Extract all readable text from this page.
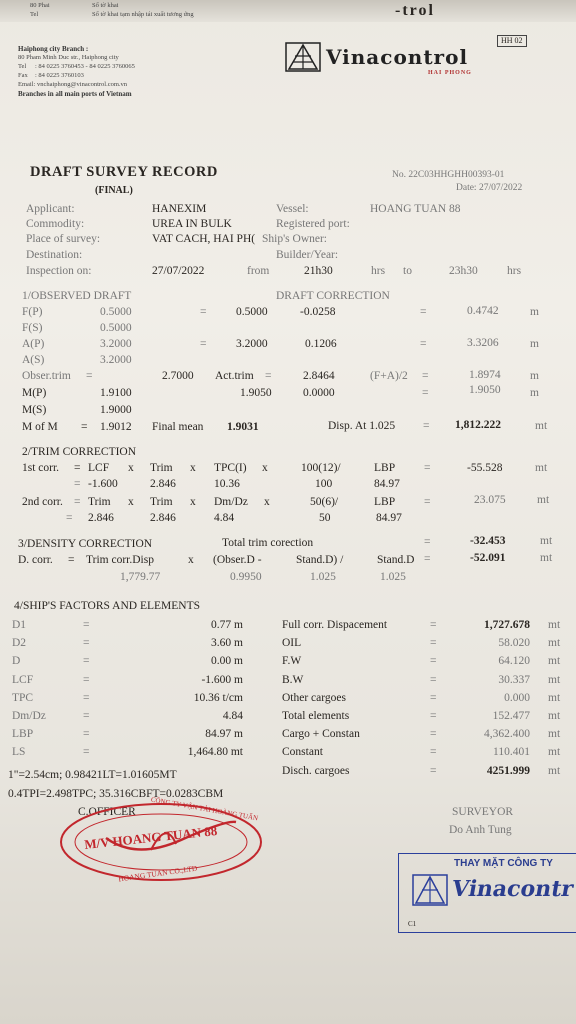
80 Phai
Tel
Số tờ khai
Số tờ khai tạm nhập tái xuất tương ứng	-trol
Haiphong city Branch :
80 Pham Minh Duc str., Haiphong city
Tel : 84 0225 3760453 - 84 0225 3760065
Fax : 84 0225 3760103
Email: vnchaiphong@vinacontrol.com.vn
Branches in all main ports of Vietnam
Vinacontrol
HAI PHONG
HH 02
DRAFT SURVEY RECORD
(FINAL)
No. 22C03HHGHH00393-01
Date: 27/07/2022
Applicant:	HANEXIM
Commodity:	UREA IN BULK
Place of survey:	VAT CACH, HAI PH(
Destination:
Inspection on:	27/07/2022	from	21h30	hrs to	23h30	hrs
Vessel:	HOANG TUAN 88
Registered port:
Ship's Owner:
Builder/Year:
1/OBSERVED DRAFT	DRAFT CORRECTION
F(P)	0.5000	=	0.5000	-0.0258	=	0.4742	m
F(S)	0.5000
A(P)	3.2000	=	3.2000	0.1206	=	3.3206	m
A(S)	3.2000
Obser.trim =	2.7000 Act.trim =	2.8464	(F+A)/2 =	1.8974	m
M(P)	1.9100	1.9050	0.0000	=	1.9050	m
M(S)	1.9000
M of M = 1.9012 Final mean 1.9031	Disp. At 1.025 = 1,812.222	mt
2/TRIM CORRECTION
1st corr. = LCF x Trim x TPC(I) x	100(12)/	LBP	=	-55.528	mt
= -1.600	2.846	10.36	100	84.97
2nd corr. = Trim x Trim x Dm/Dz x	50(6)/	LBP	=	23.075	mt
= 2.846	2.846	4.84	50	84.97
3/DENSITY CORRECTION	Total trim corection	=	-32.453	mt
D. corr. = Trim corr.Disp	x (Obser.D -	Stand.D) /	Stand.D =	-52.091	mt
1,779.77	0.9950	1.025	1.025
4/SHIP'S FACTORS AND ELEMENTS
D1	=	0.77 m	Full corr. Dispacement	=	1,727.678 mt
D2	=	3.60 m	OIL	=	58.020 mt
D	=	0.00 m	F.W	=	64.120 mt
LCF	=	-1.600 m	B.W	=	30.337 mt
TPC	=	10.36 t/cm	Other cargoes	=	0.000 mt
Dm/Dz	=	4.84	Total elements	=	152.477 mt
LBP	=	84.97 m	Cargo + Constan	=	4,362.400 mt
LS	=	1,464.80 mt	Constant	=	110.401 mt
Disch. cargoes	=	4251.999 mt
1"=2.54cm; 0.98421LT=1.01605MT
0.4TPI=2.498TPC; 35.316CBFT=0.0283CBM
C.OFFICER	SURVEYOR
Do Anh Tung
M/V HOANG TUAN 88
CÔNG TY VẬN TẢI HOÀNG TUẤN
HOANG TUAN CO.,LTD
THAY MẶT CÔNG TY
Vinacontr
C1
